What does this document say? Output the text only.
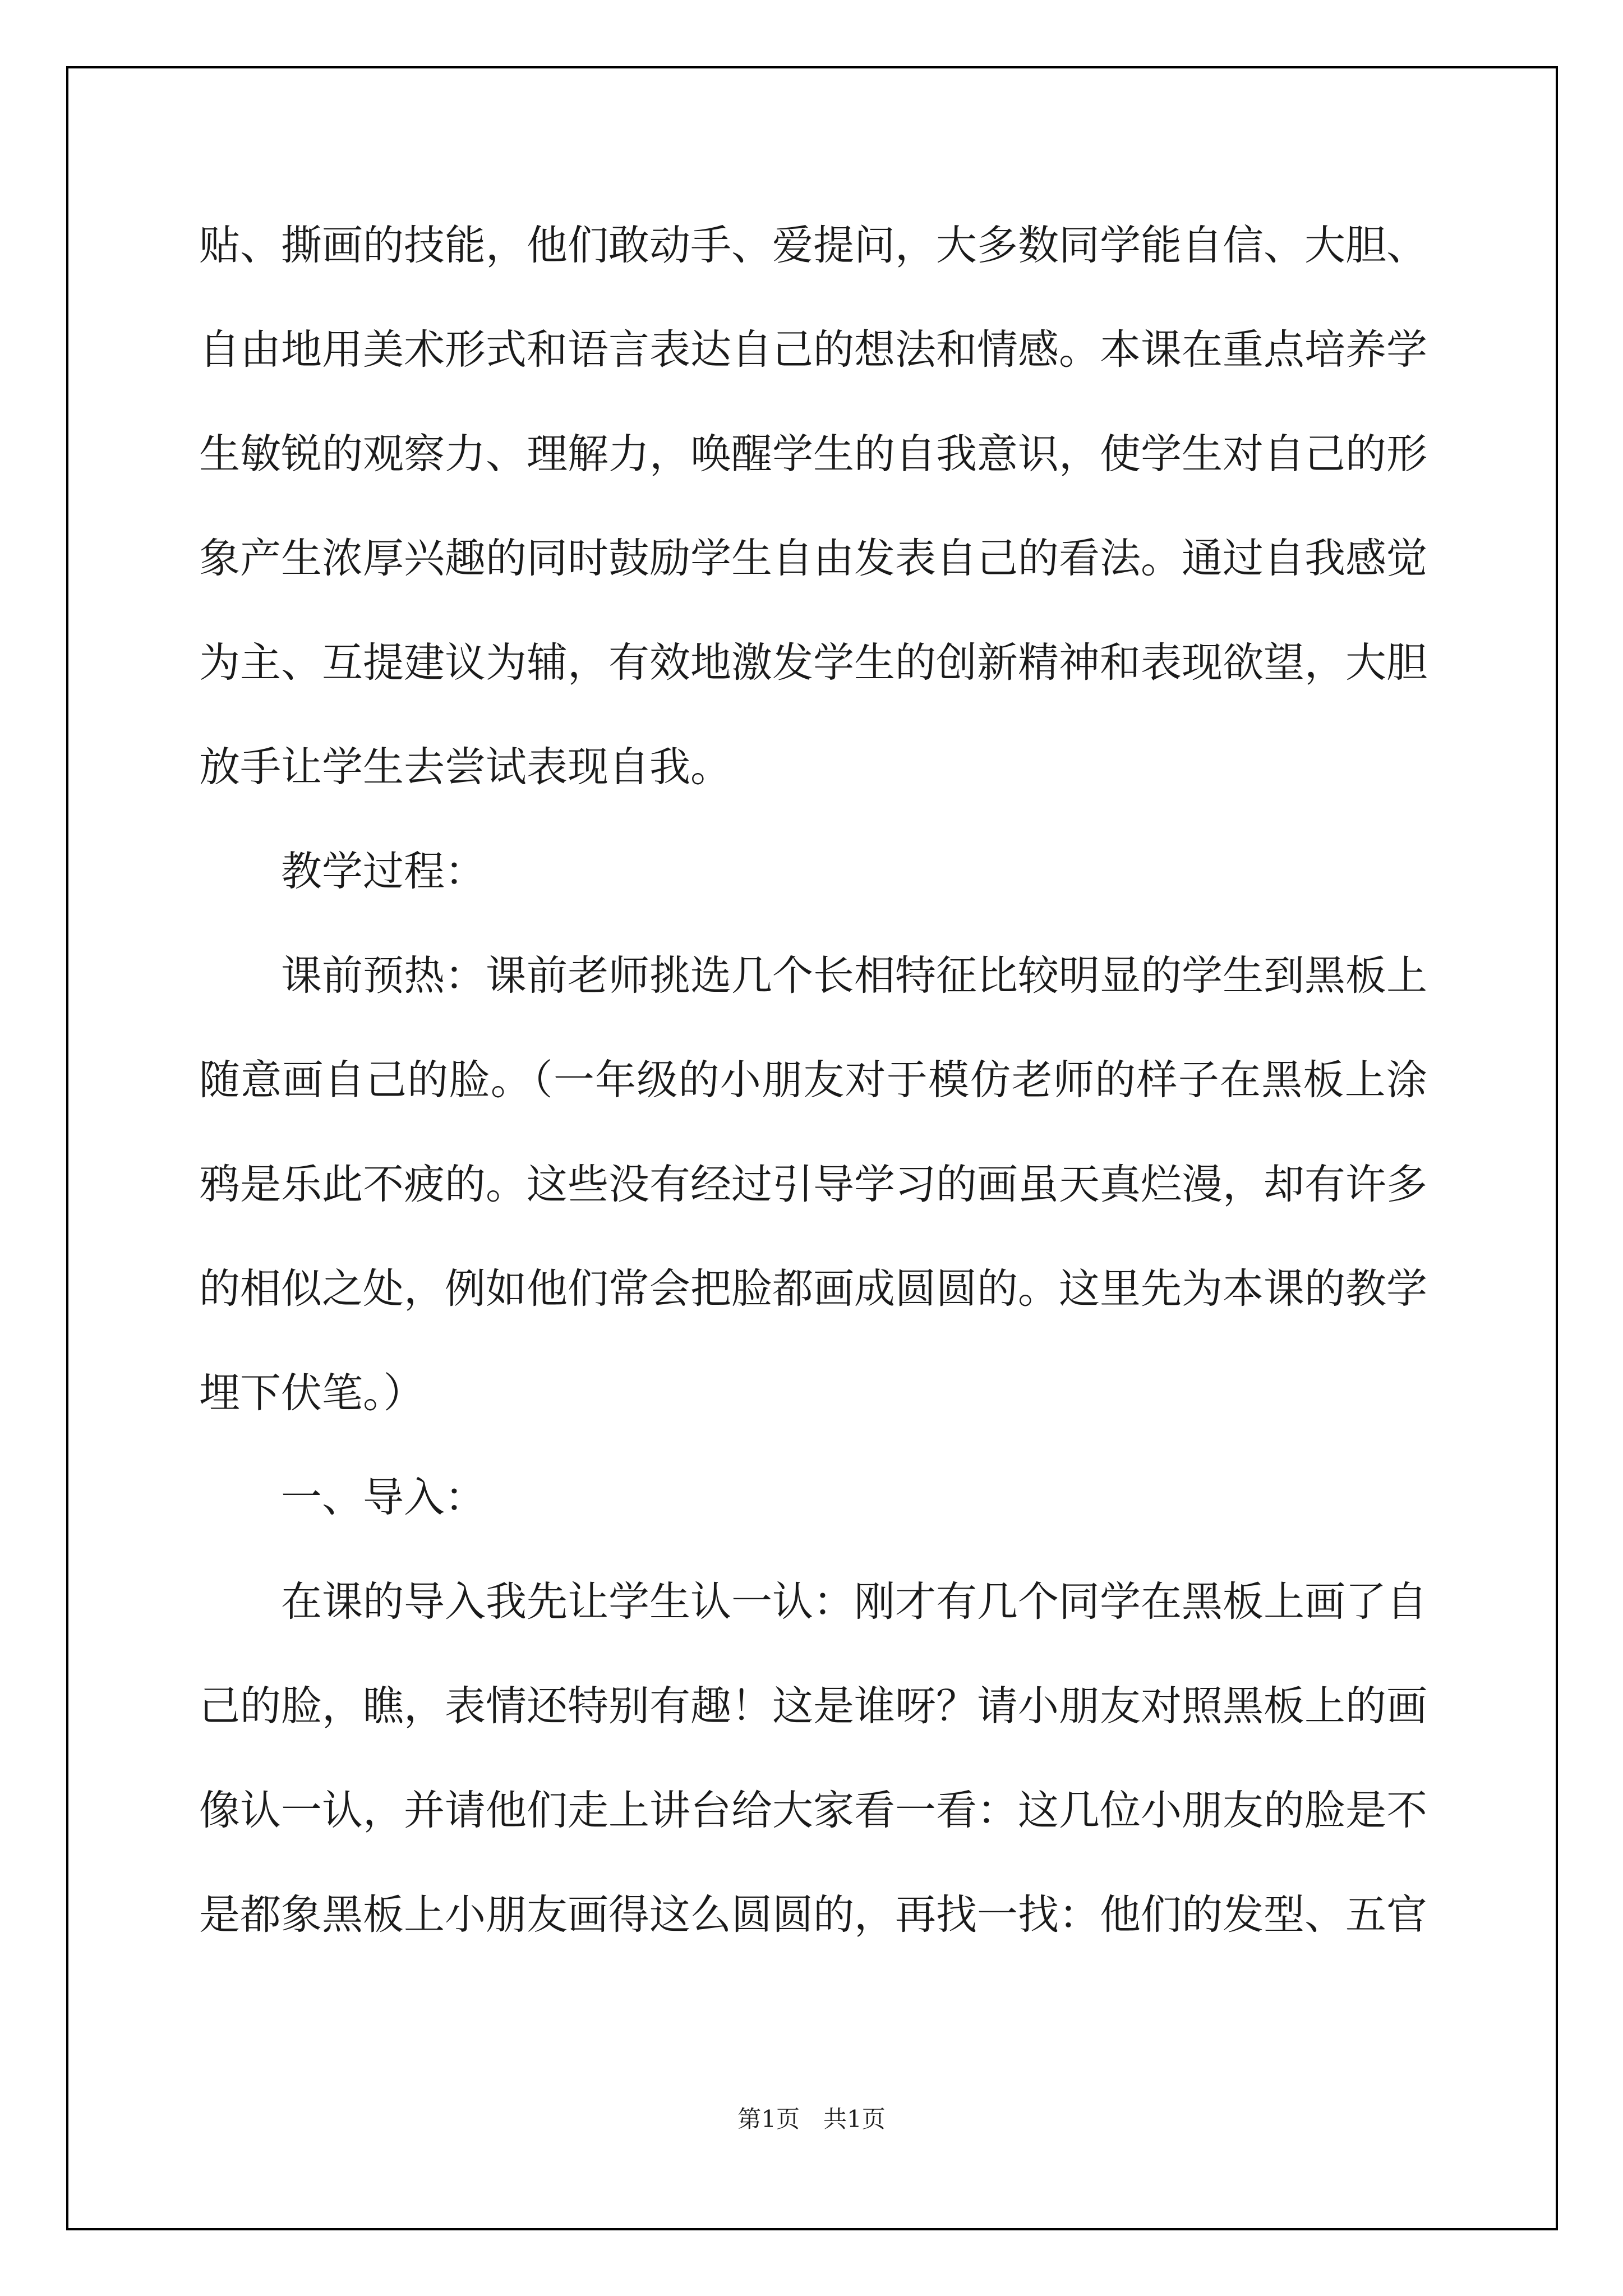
贴、撕画的技能，他们敢动手、爱提问，大多数同学能自信、大胆、
自由地用美术形式和语言表达自己的想法和情感。本课在重点培养学
生敏锐的观察力、理解力，唤醒学生的自我意识，使学生对自己的形
象产生浓厚兴趣的同时鼓励学生自由发表自己的看法。通过自我感觉
为主、互提建议为辅，有效地激发学生的创新精神和表现欲望，大胆
放手让学生去尝试表现自我。
教学过程：
课前预热：课前老师挑选几个长相特征比较明显的学生到黑板上
随意画自己的脸。（一年级的小朋友对于模仿老师的样子在黑板上涂
鸦是乐此不疲的。这些没有经过引导学习的画虽天真烂漫，却有许多
的相似之处，例如他们常会把脸都画成圆圆的。这里先为本课的教学
埋下伏笔。）
一、导入：
在课的导入我先让学生认一认：刚才有几个同学在黑板上画了自
己的脸，瞧，表情还特别有趣！这是谁呀？请小朋友对照黑板上的画
像认一认，并请他们走上讲台给大家看一看：这几位小朋友的脸是不
是都象黑板上小朋友画得这么圆圆的，再找一找：他们的发型、五官
第1页　共1页
